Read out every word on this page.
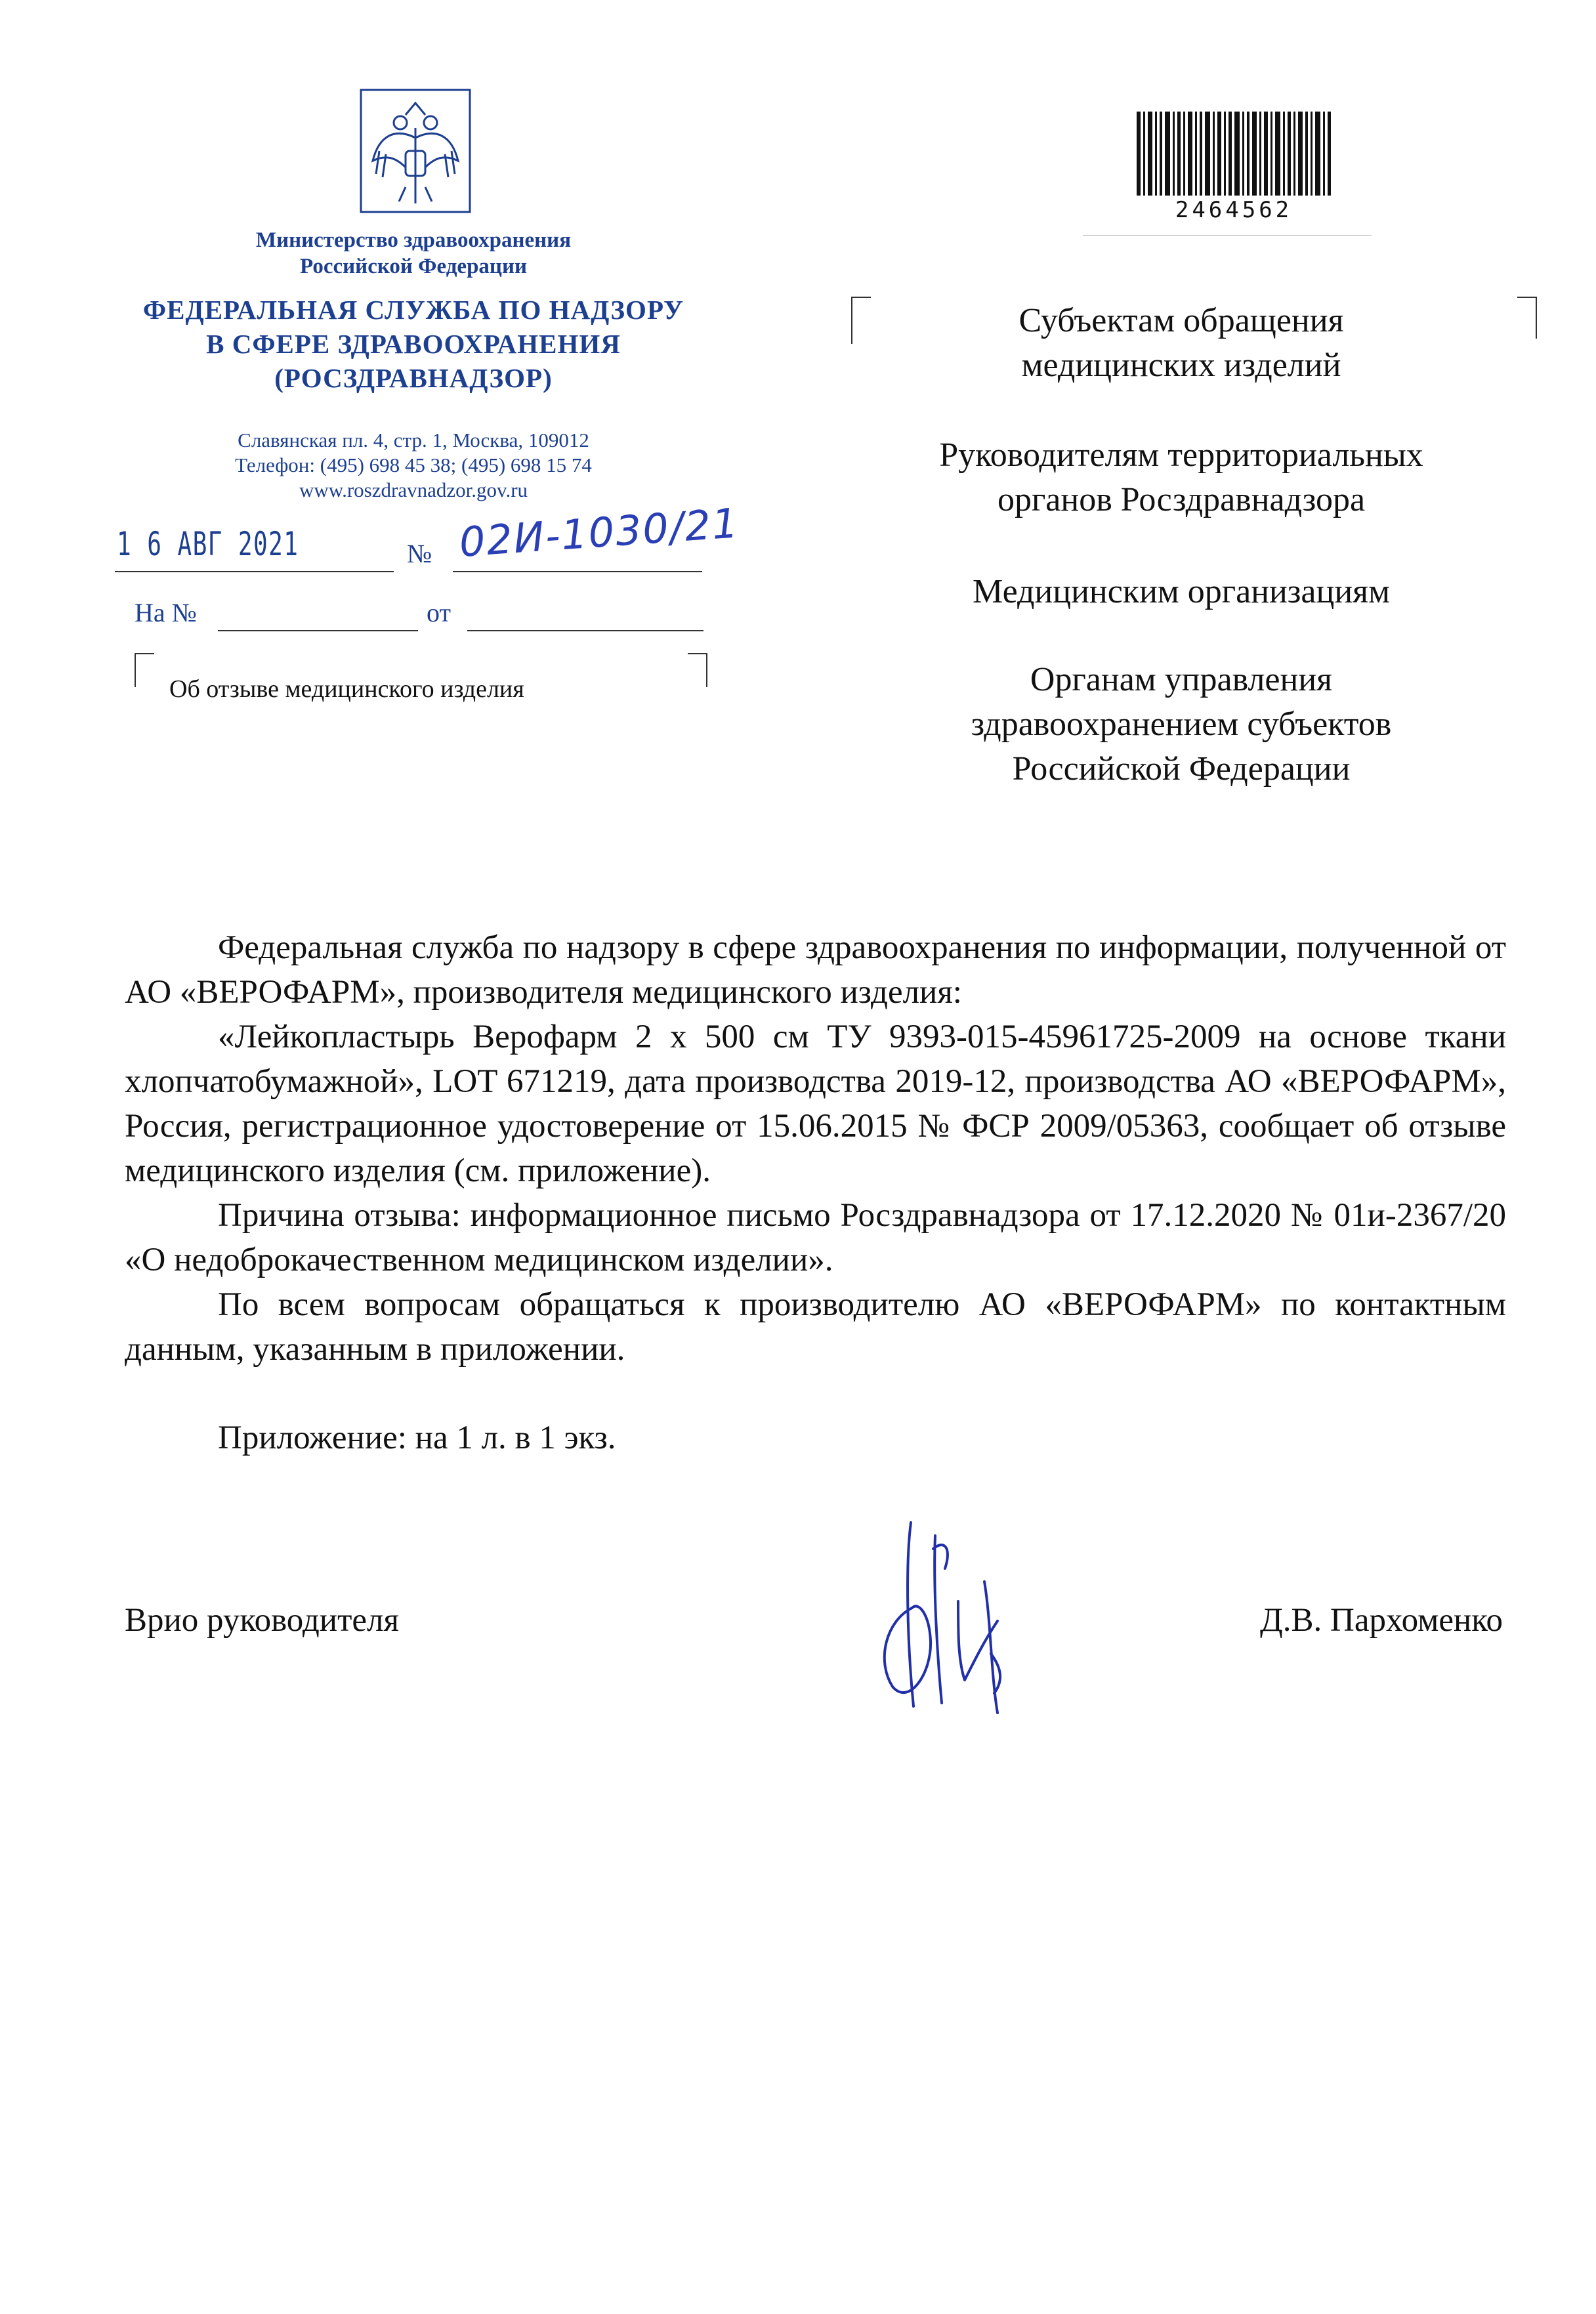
Министерство здравоохранения
Российской Федерации
ФЕДЕРАЛЬНАЯ СЛУЖБА ПО НАДЗОРУ
В СФЕРЕ ЗДРАВООХРАНЕНИЯ
(РОСЗДРАВНАДЗОР)
Славянская пл. 4, стр. 1, Москва, 109012
Телефон: (495) 698 45 38; (495) 698 15 74
www.roszdravnadzor.gov.ru
1 6 АВГ 2021	№ 02И-1030/21
На №	от
Об отзыве медицинского изделия
2464562
Субъектам обращения
медицинских изделий
Руководителям территориальных
органов Росздравнадзора
Медицинским организациям
Органам управления
здравоохранением субъектов
Российской Федерации

Федеральная служба по надзору в сфере здравоохранения по информации, полученной от АО «ВЕРОФАРМ», производителя медицинского изделия:

«Лейкопластырь Верофарм 2 х 500 см ТУ 9393-015-45961725-2009 на основе ткани хлопчатобумажной», LOT 671219, дата производства 2019-12, производства АО «ВЕРОФАРМ», Россия, регистрационное удостоверение от 15.06.2015 № ФСР 2009/05363, сообщает об отзыве медицинского изделия (см. приложение).

Причина отзыва: информационное письмо Росздравнадзора от 17.12.2020 № 01и-2367/20 «О недоброкачественном медицинском изделии».

По всем вопросам обращаться к производителю АО «ВЕРОФАРМ» по контактным данным, указанным в приложении.

Приложение: на 1 л. в 1 экз.
Врио руководителя	Д.В. Пархоменко
